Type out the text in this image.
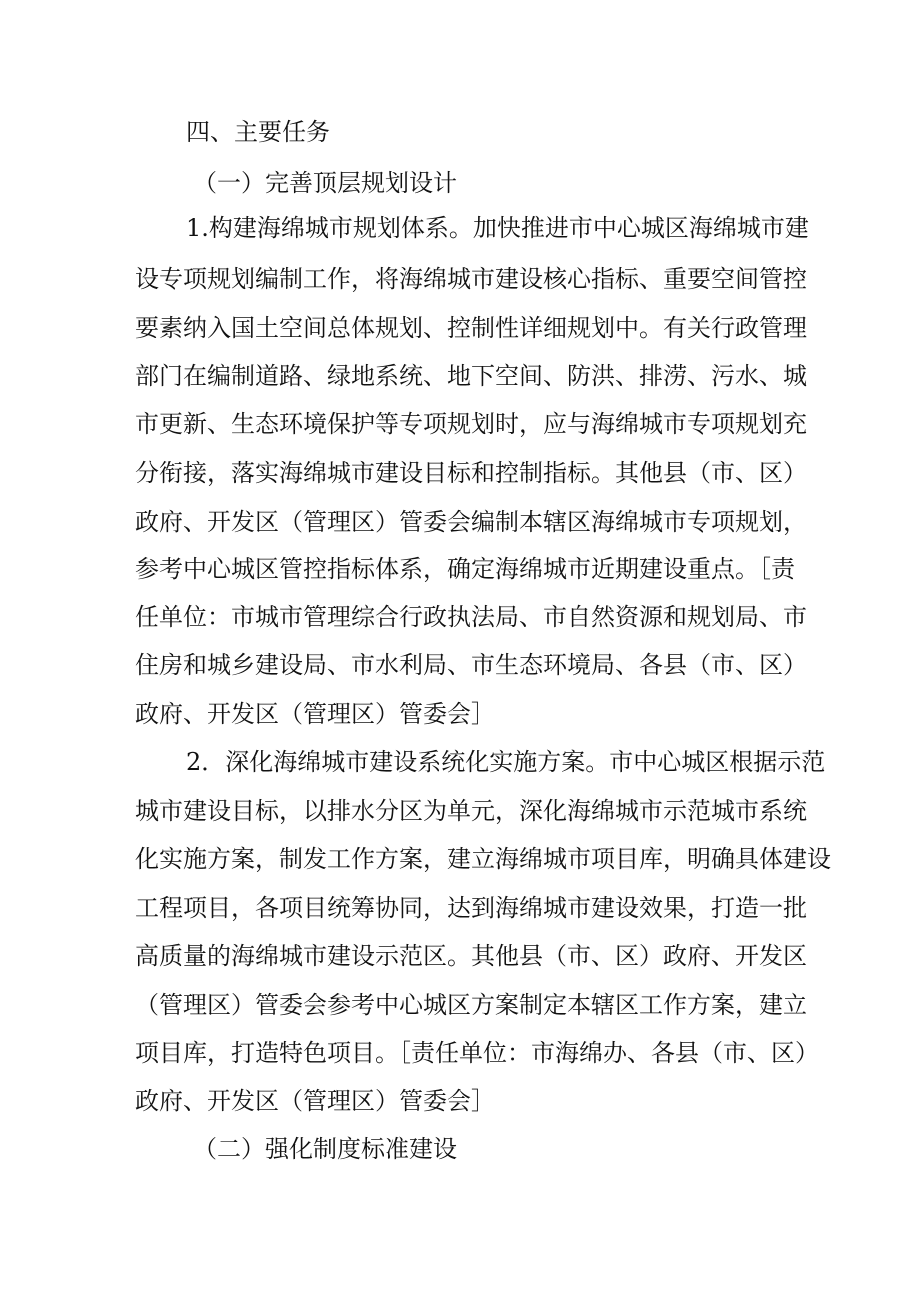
四、主要任务
（一）完善顶层规划设计
1.构建海绵城市规划体系。加快推进市中心城区海绵城市建
设专项规划编制工作，将海绵城市建设核心指标、重要空间管控
要素纳入国土空间总体规划、控制性详细规划中。有关行政管理
部门在编制道路、绿地系统、地下空间、防洪、排涝、污水、城
市更新、生态环境保护等专项规划时，应与海绵城市专项规划充
分衔接，落实海绵城市建设目标和控制指标。其他县（市、区）
政府、开发区（管理区）管委会编制本辖区海绵城市专项规划，
参考中心城区管控指标体系，确定海绵城市近期建设重点。［责
任单位：市城市管理综合行政执法局、市自然资源和规划局、市
住房和城乡建设局、市水利局、市生态环境局、各县（市、区）
政府、开发区（管理区）管委会］
2．深化海绵城市建设系统化实施方案。市中心城区根据示范
城市建设目标，以排水分区为单元，深化海绵城市示范城市系统
化实施方案，制发工作方案，建立海绵城市项目库，明确具体建设
工程项目，各项目统筹协同，达到海绵城市建设效果，打造一批
高质量的海绵城市建设示范区。其他县（市、区）政府、开发区
（管理区）管委会参考中心城区方案制定本辖区工作方案，建立
项目库，打造特色项目。［责任单位：市海绵办、各县（市、区）
政府、开发区（管理区）管委会］
（二）强化制度标准建设
